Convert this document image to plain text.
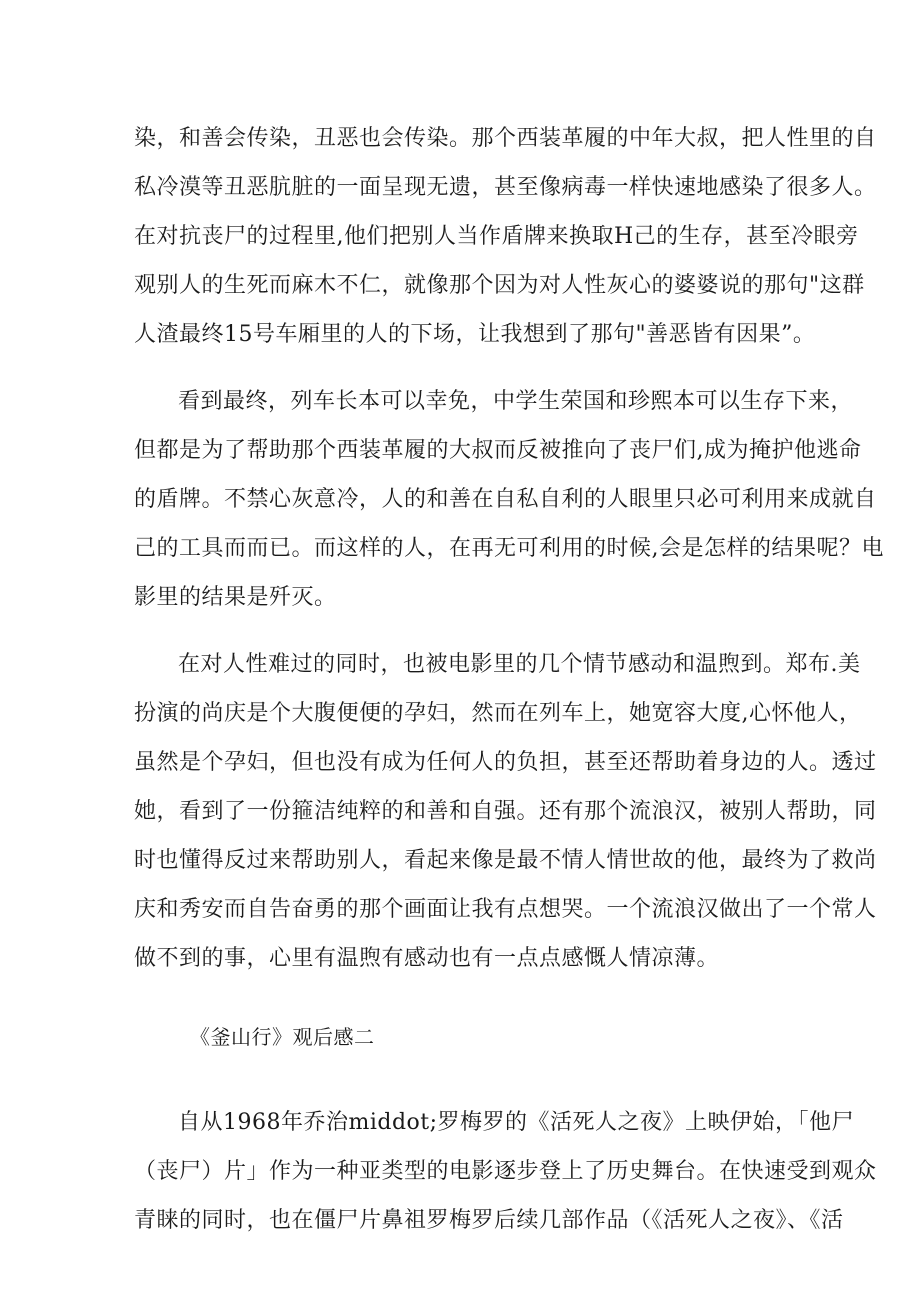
染，和善会传染，丑恶也会传染。那个西装革履的中年大叔，把人性里的自
私冷漠等丑恶肮脏的一面呈现无遗，甚至像病毒一样快速地感染了很多人。
在对抗丧尸的过程里,他们把别人当作盾牌来换取H己的生存，甚至冷眼旁
观别人的生死而麻木不仁，就像那个因为对人性灰心的婆婆说的那句"这群
人渣最终15号车厢里的人的下场，让我想到了那句"善恶皆有因果”。
看到最终，列车长本可以幸免，中学生荣国和珍熙本可以生存下来，
但都是为了帮助那个西装革履的大叔而反被推向了丧尸们,成为掩护他逃命
的盾牌。不禁心灰意冷，人的和善在自私自利的人眼里只必可利用来成就自
己的工具而而已。而这样的人，在再无可利用的时候,会是怎样的结果呢？电
影里的结果是歼灭。
在对人性难过的同时，也被电影里的几个情节感动和温煦到。郑布.美
扮演的尚庆是个大腹便便的孕妇，然而在列车上，她宽容大度,心怀他人，
虽然是个孕妇，但也没有成为任何人的负担，甚至还帮助着身边的人。透过
她，看到了一份箍洁纯粹的和善和自强。还有那个流浪汉，被别人帮助，同
时也懂得反过来帮助别人，看起来像是最不情人情世故的他，最终为了救尚
庆和秀安而自告奋勇的那个画面让我有点想哭。一个流浪汉做出了一个常人
做不到的事，心里有温煦有感动也有一点点感慨人情凉薄。
《釜山行》观后感二
自从1968年乔治middot;罗梅罗的《活死人之夜》上映伊始，「他尸
（丧尸）片」作为一种亚类型的电影逐步登上了历史舞台。在快速受到观众
青睐的同时，也在僵尸片鼻祖罗梅罗后续几部作品（《活死人之夜》、《活
